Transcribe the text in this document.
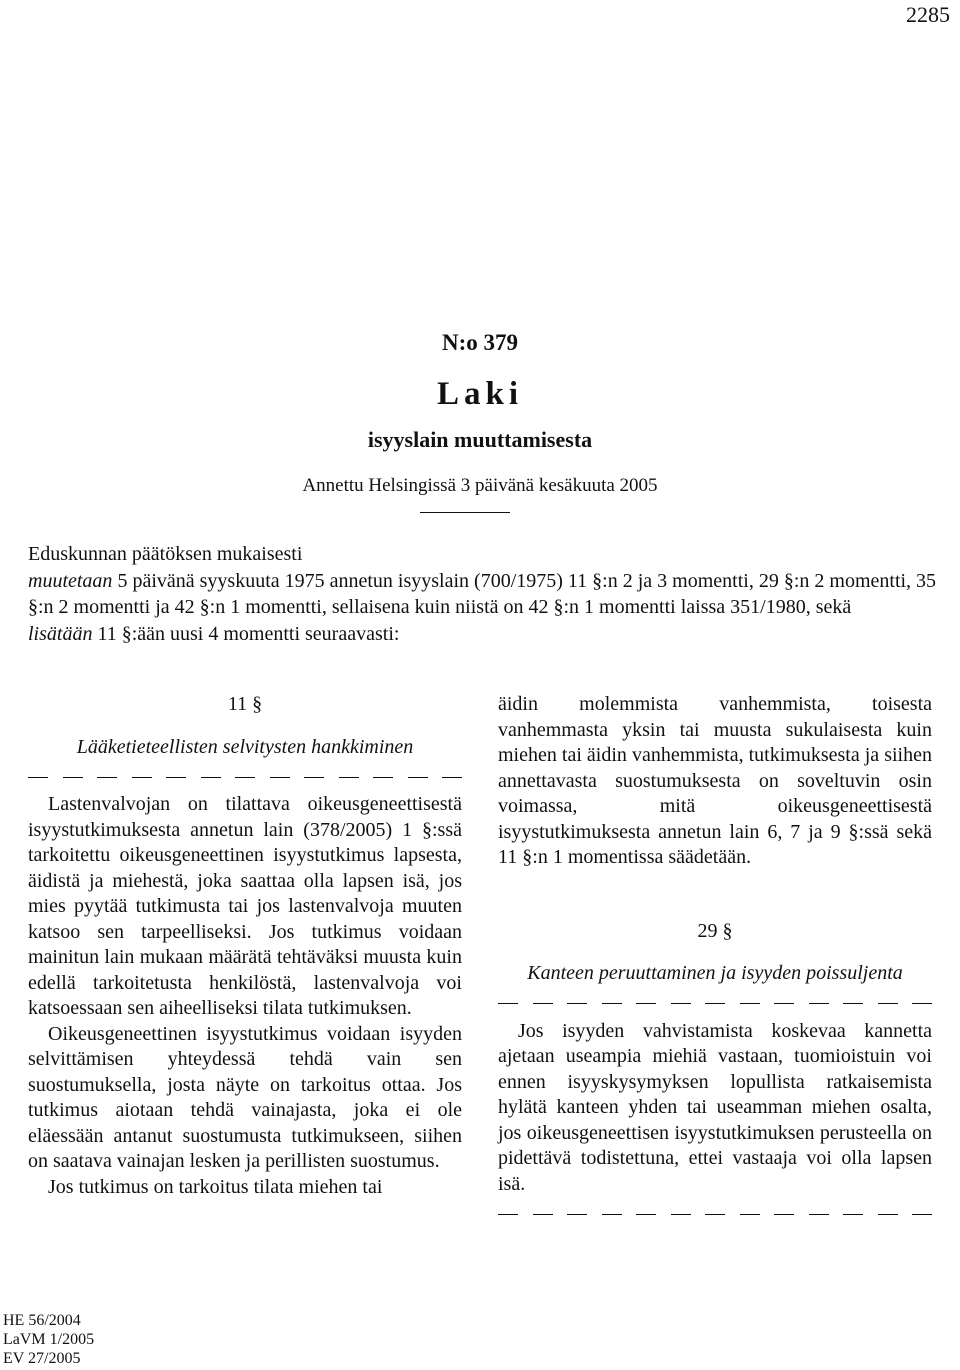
2285
N:o 379
Laki
isyyslain muuttamisesta
Annettu Helsingissä 3 päivänä kesäkuuta 2005

Eduskunnan päätöksen mukaisesti

muutetaan 5 päivänä syyskuuta 1975 annetun isyyslain (700/1975) 11 §:n 2 ja 3 momentti, 29 §:n 2 momentti, 35 §:n 2 momentti ja 42 §:n 1 momentti, sellaisena kuin niistä on 42 §:n 1 momentti laissa 351/1980, sekä

lisätään 11 §:ään uusi 4 momentti seuraavasti:

11 §
Lääketieteellisten selvitysten hankkiminen

Lastenvalvojan on tilattava oikeusgeneettisestä isyystutkimuksesta annetun lain (378/2005) 1 §:ssä tarkoitettu oikeusgeneettinen isyystutkimus lapsesta, äidistä ja miehestä, joka saattaa olla lapsen isä, jos mies pyytää tutkimusta tai jos lastenvalvoja muuten katsoo sen tarpeelliseksi. Jos tutkimus voidaan mainitun lain mukaan määrätä tehtäväksi muusta kuin edellä tarkoitetusta henkilöstä, lastenvalvoja voi katsoessaan sen aiheelliseksi tilata tutkimuksen.

Oikeusgeneettinen isyystutkimus voidaan isyyden selvittämisen yhteydessä tehdä vain sen suostumuksella, josta näyte on tarkoitus ottaa. Jos tutkimus aiotaan tehdä vainajasta, joka ei ole eläessään antanut suostumusta tutkimukseen, siihen on saatava vainajan lesken ja perillisten suostumus.

Jos tutkimus on tarkoitus tilata miehen tai

äidin molemmista vanhemmista, toisesta vanhemmasta yksin tai muusta sukulaisesta kuin miehen tai äidin vanhemmista, tutkimuksesta ja siihen annettavasta suostumuksesta on soveltuvin osin voimassa, mitä oikeusgeneettisestä isyystutkimuksesta annetun lain 6, 7 ja 9 §:ssä sekä 11 §:n 1 momentissa säädetään.

29 §
Kanteen peruuttaminen ja isyyden poissuljenta

Jos isyyden vahvistamista koskevaa kannetta ajetaan useampia miehiä vastaan, tuomioistuin voi ennen isyyskysymyksen lopullista ratkaisemista hylätä kanteen yhden tai useamman miehen osalta, jos oikeusgeneettisen isyystutkimuksen perusteella on pidettävä todistettuna, ettei vastaaja voi olla lapsen isä.

HE 56/2004
LaVM 1/2005
EV 27/2005
